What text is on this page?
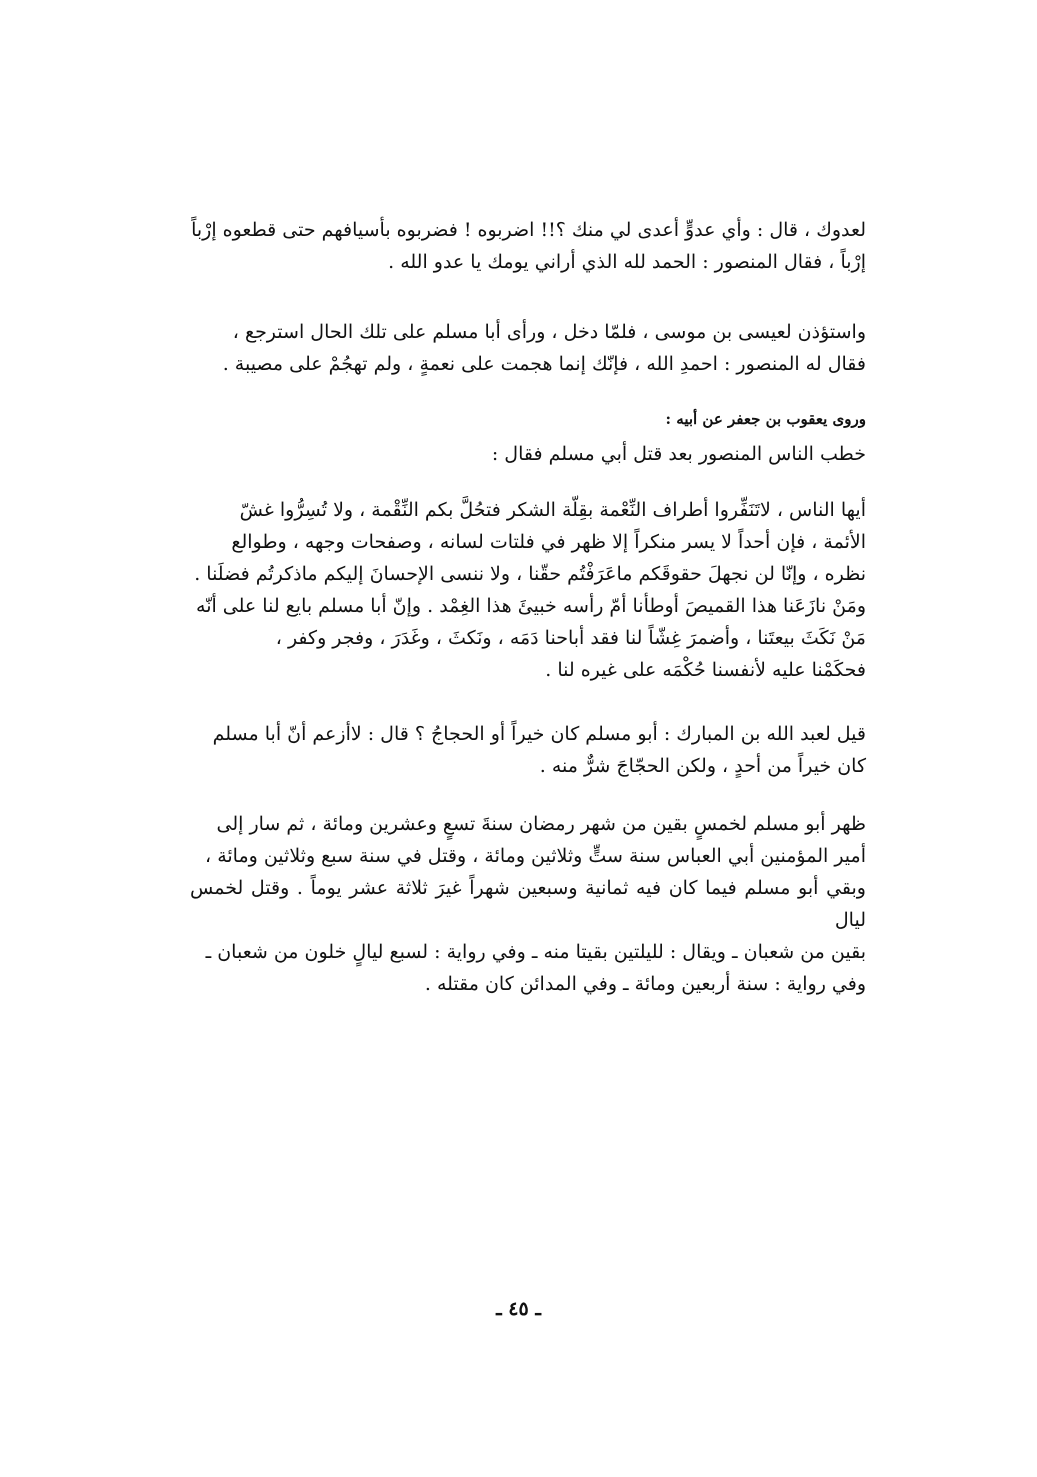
لعدوك ، قال : وأي عدوٍّ أعدى لي منك ؟!! اضربوه ! فضربوه بأسيافهم حتى قطعوه إرْباً

إرْباً ، فقال المنصور : الحمد لله الذي أراني يومك يا عدو الله .

واستؤذن لعيسى بن موسى ، فلمّا دخل ، ورأى أبا مسلم على تلك الحال استرجع ،

فقال له المنصور : احمدِ الله ، فإنّك إنما هجمت على نعمةٍ ، ولم تهجُمْ على مصيبة .

وروى يعقوب بن جعفر عن أبيه :

خطب الناس المنصور بعد قتل أبي مسلم فقال :

أيها الناس ، لاتَنَفِّروا أطراف النِّعْمة بقِلّة الشكر فتحُلَّ بكم النِّقْمة ، ولا تُسِرُّوا غشّ

الأئمة ، فإن أحداً لا يسر منكراً إلا ظهر في فلتات لسانه ، وصفحات وجهه ، وطوالع

نظره ، وإنّا لن نجهلَ حقوقَكم ماعَرَفْتُم حقّنا ، ولا ننسى الإحسانَ إليكم ماذكرتُم فضلَنا .

ومَنْ نازَعَنا هذا القميصَ أوطأنا أمّ رأسه خبيئَ هذا الغِمْد . وإنّ أبا مسلم بايع لنا على أنّه

مَنْ نَكَثَ بيعتَنا ، وأضمرَ غِشّاً لنا فقد أباحنا دَمَه ، ونَكثَ ، وغَدَرَ ، وفجر وكفر ،

فحكَمْنا عليه لأنفسنا حُكْمَه على غيره لنا .

قيل لعبد الله بن المبارك : أبو مسلم كان خيراً أو الحجاجُ ؟ قال : لاأزعم أنّ أبا مسلم

كان خيراً من أحدٍ ، ولكن الحجّاجَ شرٌّ منه .

ظهر أبو مسلم لخمسٍ بقين من شهر رمضان سنةَ تسعٍ وعشرين ومائة ، ثم سار إلى

أمير المؤمنين أبي العباس سنة ستٍّ وثلاثين ومائة ، وقتل في سنة سبع وثلاثين ومائة ،

وبقي أبو مسلم فيما كان فيه ثمانية وسبعين شهراً غيرَ ثلاثة عشر يوماً . وقتل لخمس ليال

بقين من شعبان ـ ويقال : لليلتين بقيتا منه ـ وفي رواية : لسبع ليالٍ خلون من شعبان ـ

وفي رواية : سنة أربعين ومائة ـ وفي المدائن كان مقتله .

ـ ٤٥ ـ
